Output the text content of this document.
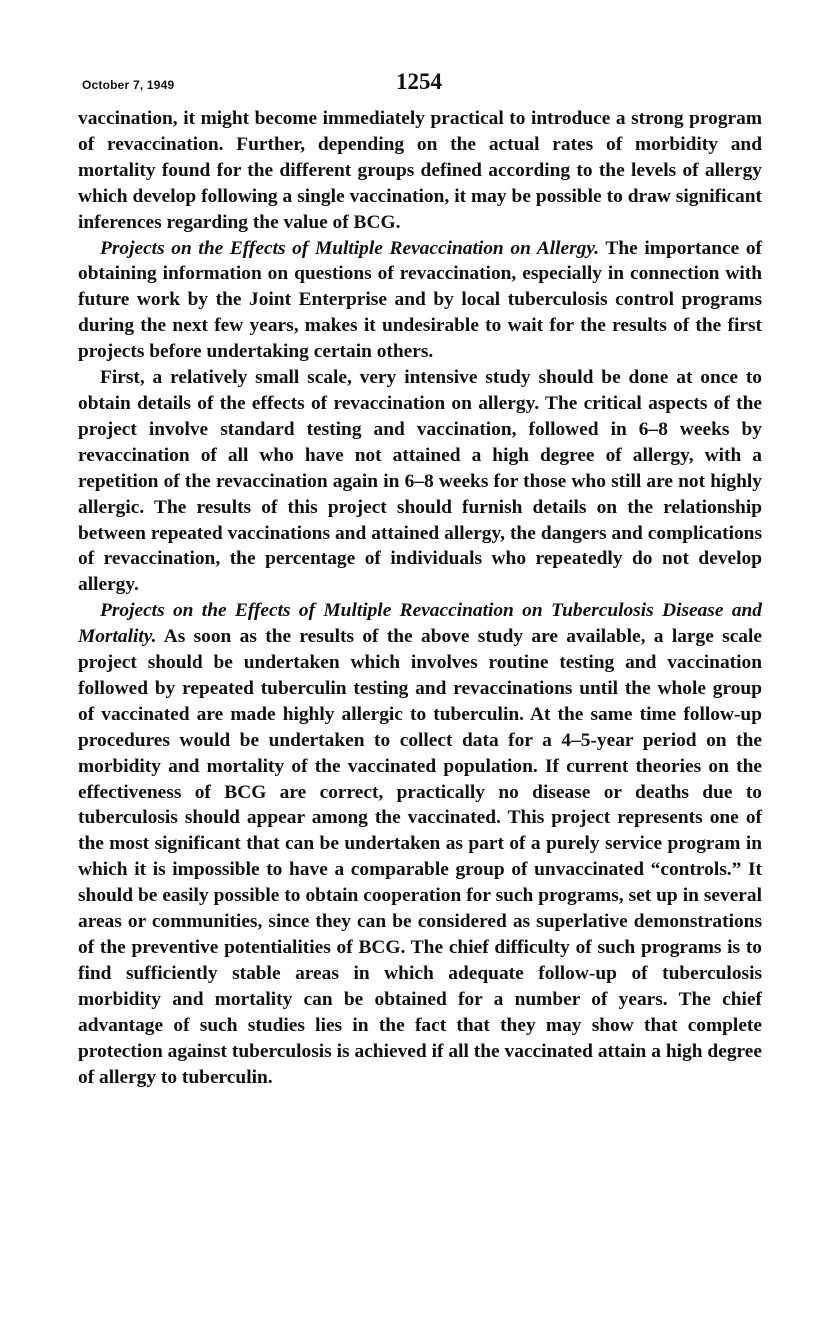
October 7, 1949	1254

vaccination, it might become immediately practical to introduce a strong program of revaccination. Further, depending on the actual rates of morbidity and mortality found for the different groups defined according to the levels of allergy which develop following a single vaccination, it may be possible to draw significant inferences regarding the value of BCG.

Projects on the Effects of Multiple Revaccination on Allergy. The importance of obtaining information on questions of revaccination, especially in connection with future work by the Joint Enterprise and by local tuberculosis control programs during the next few years, makes it undesirable to wait for the results of the first projects before undertaking certain others.

First, a relatively small scale, very intensive study should be done at once to obtain details of the effects of revaccination on allergy. The critical aspects of the project involve standard testing and vaccination, followed in 6–8 weeks by revaccination of all who have not attained a high degree of allergy, with a repetition of the revaccination again in 6–8 weeks for those who still are not highly allergic. The results of this project should furnish details on the relationship between repeated vaccinations and attained allergy, the dangers and complications of revaccination, the percentage of individuals who repeatedly do not develop allergy.

Projects on the Effects of Multiple Revaccination on Tuberculosis Disease and Mortality. As soon as the results of the above study are available, a large scale project should be undertaken which involves routine testing and vaccination followed by repeated tuberculin testing and revaccinations until the whole group of vaccinated are made highly allergic to tuberculin. At the same time follow-up procedures would be undertaken to collect data for a 4–5-year period on the morbidity and mortality of the vaccinated population. If current theories on the effectiveness of BCG are correct, practically no disease or deaths due to tuberculosis should appear among the vaccinated. This project represents one of the most significant that can be undertaken as part of a purely service program in which it is impossible to have a comparable group of unvaccinated “controls.” It should be easily possible to obtain cooperation for such programs, set up in several areas or communities, since they can be considered as superlative demonstrations of the preventive potentialities of BCG. The chief difficulty of such programs is to find sufficiently stable areas in which adequate follow-up of tuberculosis morbidity and mortality can be obtained for a number of years. The chief advantage of such studies lies in the fact that they may show that complete protection against tuberculosis is achieved if all the vaccinated attain a high degree of allergy to tuberculin.
